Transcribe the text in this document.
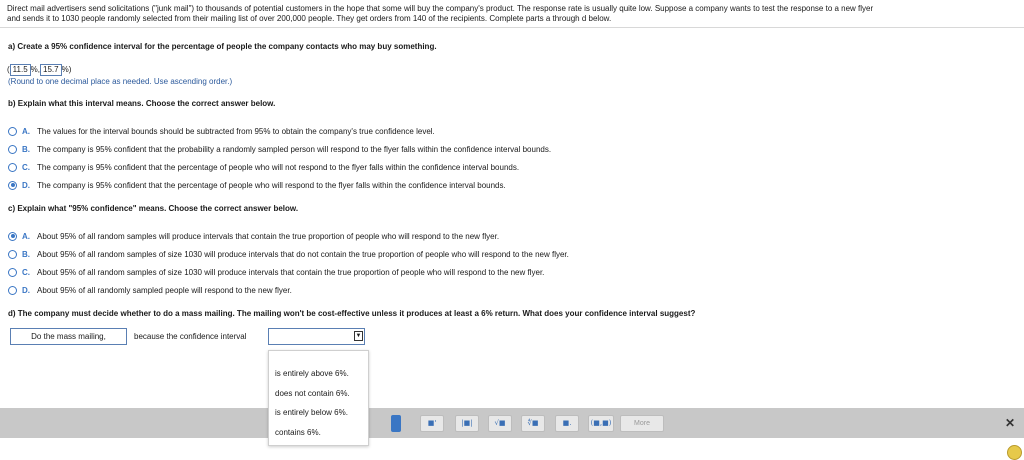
Direct mail advertisers send solicitations ("junk mail") to thousands of potential customers in the hope that some will buy the company's product. The response rate is usually quite low. Suppose a company wants to test the response to a new flyer
and sends it to 1030 people randomly selected from their mailing list of over 200,000 people. They get orders from 140 of the recipients. Complete parts a through d below.
a) Create a 95% confidence interval for the percentage of people the company contacts who may buy something.
( 11.5 %, 15.7 %)
(Round to one decimal place as needed. Use ascending order.)
b) Explain what this interval means. Choose the correct answer below.
A. The values for the interval bounds should be subtracted from 95% to obtain the company's true confidence level.
B. The company is 95% confident that the probability a randomly sampled person will respond to the flyer falls within the confidence interval bounds.
C. The company is 95% confident that the percentage of people who will not respond to the flyer falls within the confidence interval bounds.
D. The company is 95% confident that the percentage of people who will respond to the flyer falls within the confidence interval bounds.
c) Explain what "95% confidence" means. Choose the correct answer below.
A. About 95% of all random samples will produce intervals that contain the true proportion of people who will respond to the new flyer.
B. About 95% of all random samples of size 1030 will produce intervals that do not contain the true proportion of people who will respond to the new flyer.
C. About 95% of all random samples of size 1030 will produce intervals that contain the true proportion of people who will respond to the new flyer.
D. About 95% of all randomly sampled people will respond to the new flyer.
d) The company must decide whether to do a mass mailing. The mailing won't be cost-effective unless it produces at least a 6% return. What does your confidence interval suggest?
Do the mass mailing,	because the confidence interval	▼
■'	|■|	√■	∜■	■.	(■,■)	More	✕
is entirely above 6%.
does not contain 6%.
is entirely below 6%.
contains 6%.
